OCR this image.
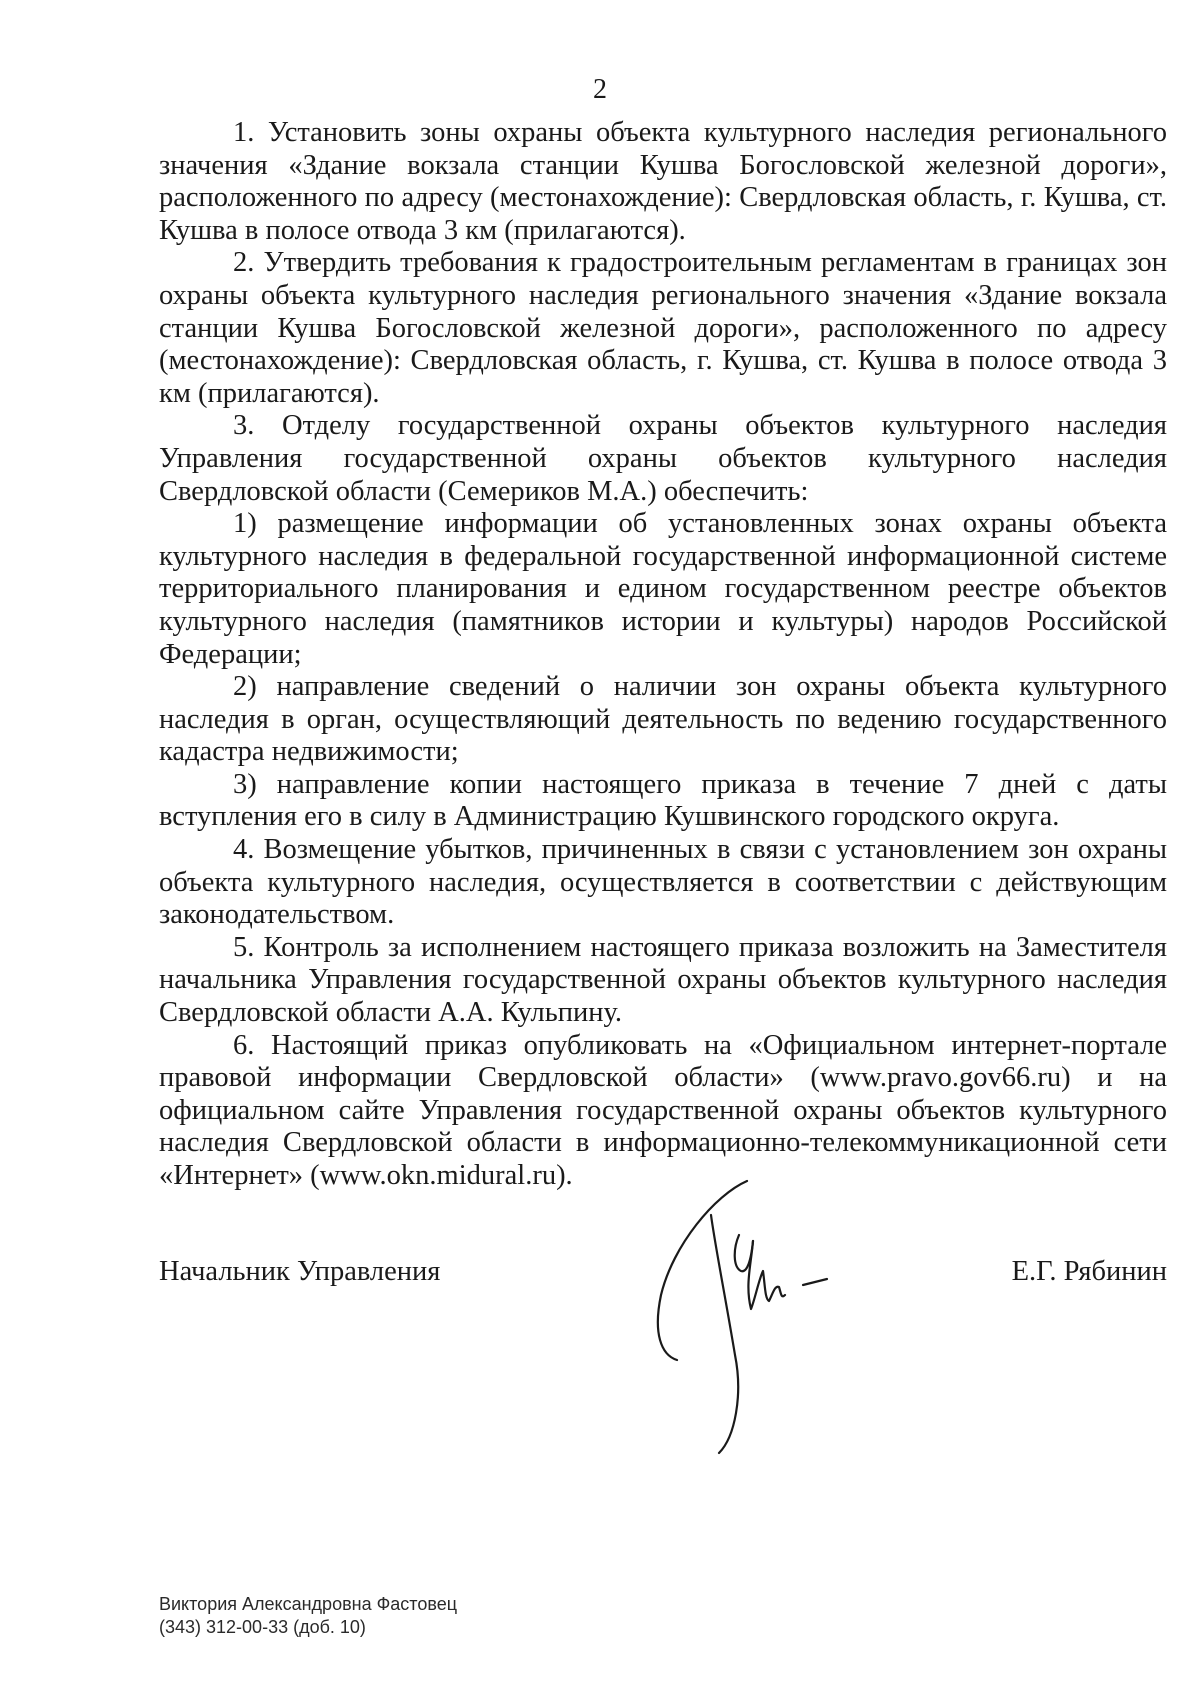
2

1. Установить зоны охраны объекта культурного наследия регионального значения «Здание вокзала станции Кушва Богословской железной дороги», расположенного по адресу (местонахождение): Свердловская область, г. Кушва, ст. Кушва в полосе отвода 3 км (прилагаются).

2. Утвердить требования к градостроительным регламентам в границах зон охраны объекта культурного наследия регионального значения «Здание вокзала станции Кушва Богословской железной дороги», расположенного по адресу (местонахождение): Свердловская область, г. Кушва, ст. Кушва в полосе отвода 3 км (прилагаются).

3. Отделу государственной охраны объектов культурного наследия Управления государственной охраны объектов культурного наследия Свердловской области (Семериков М.А.) обеспечить:

1) размещение информации об установленных зонах охраны объекта культурного наследия в федеральной государственной информационной системе территориального планирования и едином государственном реестре объектов культурного наследия (памятников истории и культуры) народов Российской Федерации;

2) направление сведений о наличии зон охраны объекта культурного наследия в орган, осуществляющий деятельность по ведению государственного кадастра недвижимости;

3) направление копии настоящего приказа в течение 7 дней с даты вступления его в силу в Администрацию Кушвинского городского округа.

4. Возмещение убытков, причиненных в связи с установлением зон охраны объекта культурного наследия, осуществляется в соответствии с действующим законодательством.

5. Контроль за исполнением настоящего приказа возложить на Заместителя начальника Управления государственной охраны объектов культурного наследия Свердловской области А.А. Кульпину.

6. Настоящий приказ опубликовать на «Официальном интернет-портале правовой информации Свердловской области» (www.pravo.gov66.ru) и на официальном сайте Управления государственной охраны объектов культурного наследия Свердловской области в информационно-телекоммуникационной сети «Интернет» (www.okn.midural.ru).

Начальник Управления	Е.Г. Рябинин
Виктория Александровна Фастовец
(343) 312-00-33 (доб. 10)
